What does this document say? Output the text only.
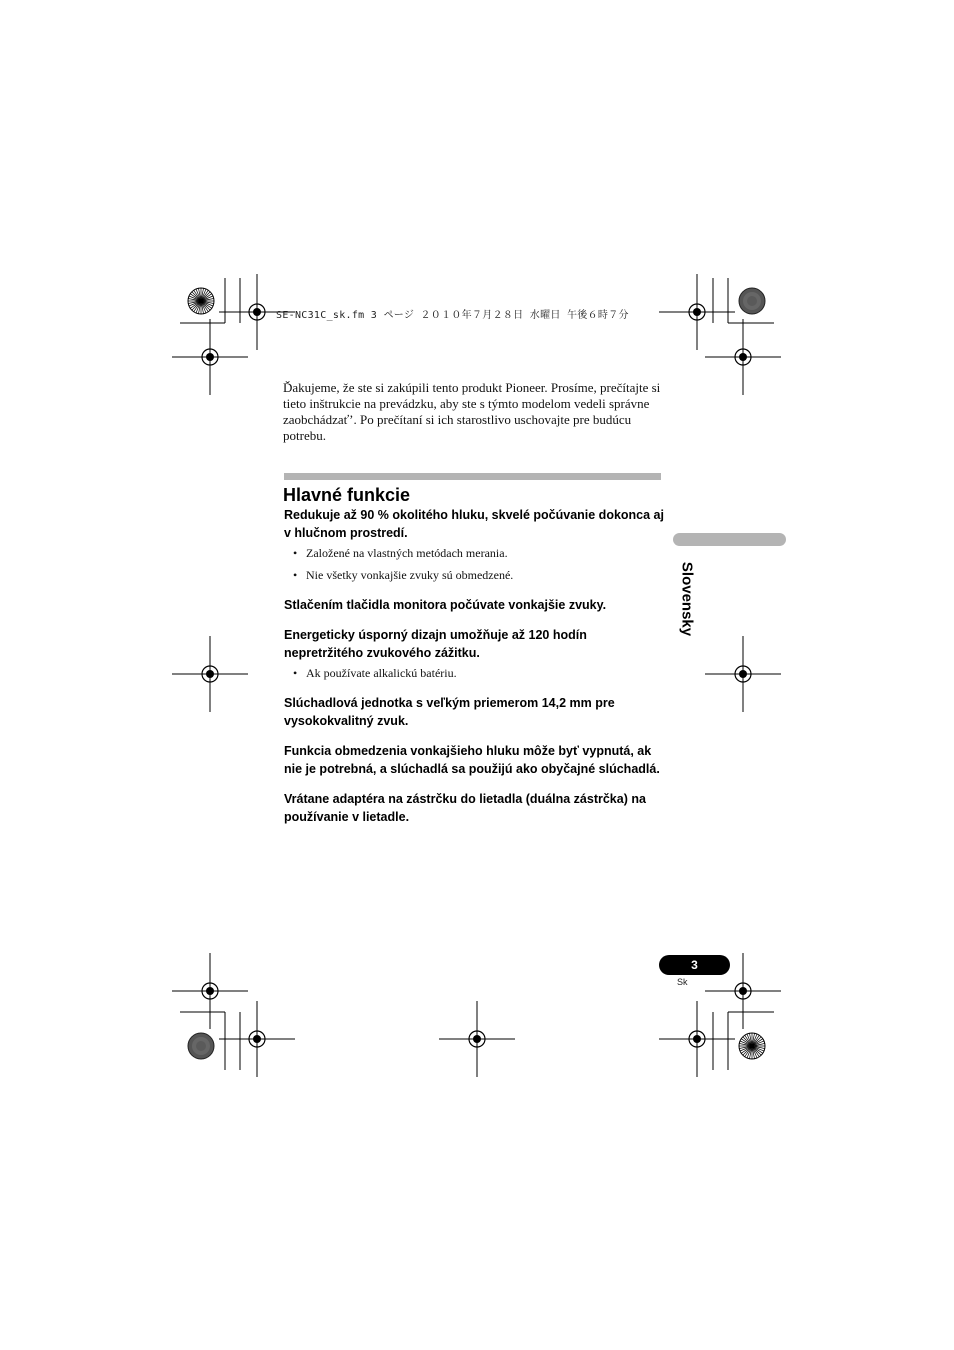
SE-NC31C_sk.fm 3 ページ ２０１０年７月２８日 水曜日 午後６時７分

Ďakujeme, že ste si zakúpili tento produkt Pioneer. Prosíme, prečítajte si tieto inštrukcie na prevádzku, aby ste s týmto modelom vedeli správne zaobchádzať’. Po prečítaní si ich starostlivo uschovajte pre budúcu potrebu.

Hlavné funkcie

Redukuje až 90 % okolitého hluku, skvelé počúvanie dokonca aj v hlučnom prostredí.

• Založené na vlastných metódach merania.
• Nie všetky vonkajšie zvuky sú obmedzené.

Stlačením tlačidla monitora počúvate vonkajšie zvuky.

Energeticky úsporný dizajn umožňuje až 120 hodín nepretržitého zvukového zážitku.

• Ak používate alkalickú batériu.

Slúchadlová jednotka s veľkým priemerom 14,2 mm pre vysokokvalitný zvuk.

Funkcia obmedzenia vonkajšieho hluku môže byť vypnutá, ak nie je potrebná, a slúchadlá sa použijú ako obyčajné slúchadlá.

Vrátane adaptéra na zástrčku do lietadla (duálna zástrčka) na používanie v lietadle.

Slovensky
3
Sk
